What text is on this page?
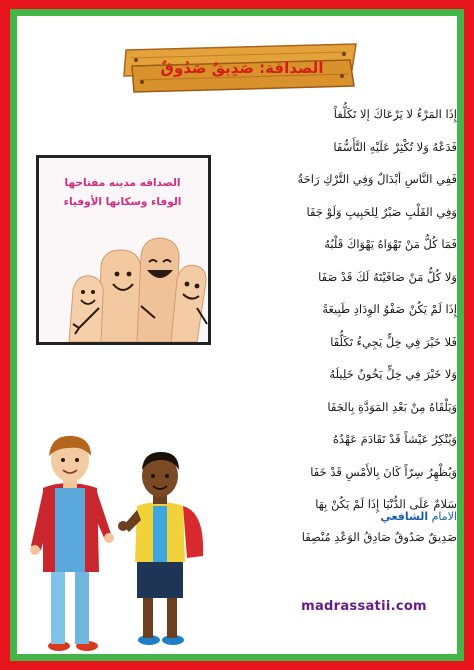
الصداقة: صَدِيقٌ صَدُوقٌ

الصداقه مدينه مفتاحها
الوفاء وسكانها الأوفياء

إِذَا المَرْءُ لا يَرْعَاكَ إلا تَكَلُّفاً
فَدَعْهُ وَلا تُكْثِرْ عَلَيْهِ التَّأَسُّفَا
فَفِي النَّاسِ أبْدَالٌ وَفِي التَّرْكِ رَاحَةٌ
وَفِي القَلْبِ صَبْرٌ لِلحَبِيبِ وَلَوْ جَفَا
فَمَا كُلُّ مَنْ تَهْوَاهُ يَهْوَاكَ قَلْبُهُ
وَلا كُلُّ مَنْ صَافَيْتَهُ لَكَ قَدْ صَفَا
إِذَا لَمْ يَكُنْ صَفْوُ الوِدَادِ طَبِيعَةً
فَلا خَيْرَ فِي خِلٍّ يَجِيءُ تَكَلُّفَا
وَلا خَيْرَ فِي خِلٍّ يَخُونُ خَلِيلَهُ
وَيَلْقَاهُ مِنْ بَعْدِ المَوَدَّةِ بِالجَفَا
وَيُنْكِرُ عَيْشاً قَدْ تَقَادَمَ عَهْدُهُ
وَيُظْهِرُ سِرّاً كَانَ بِالأَمْسِ قَدْ خَفَا
سَلامٌ عَلَى الدُّنْيَا إِذَا لَمْ يَكُنْ بِهَا
صَدِيقٌ صَدُوقٌ صَادِقُ الوَعْدِ مُنْصِفَا
الامام الشافعي
madrassatii.com
